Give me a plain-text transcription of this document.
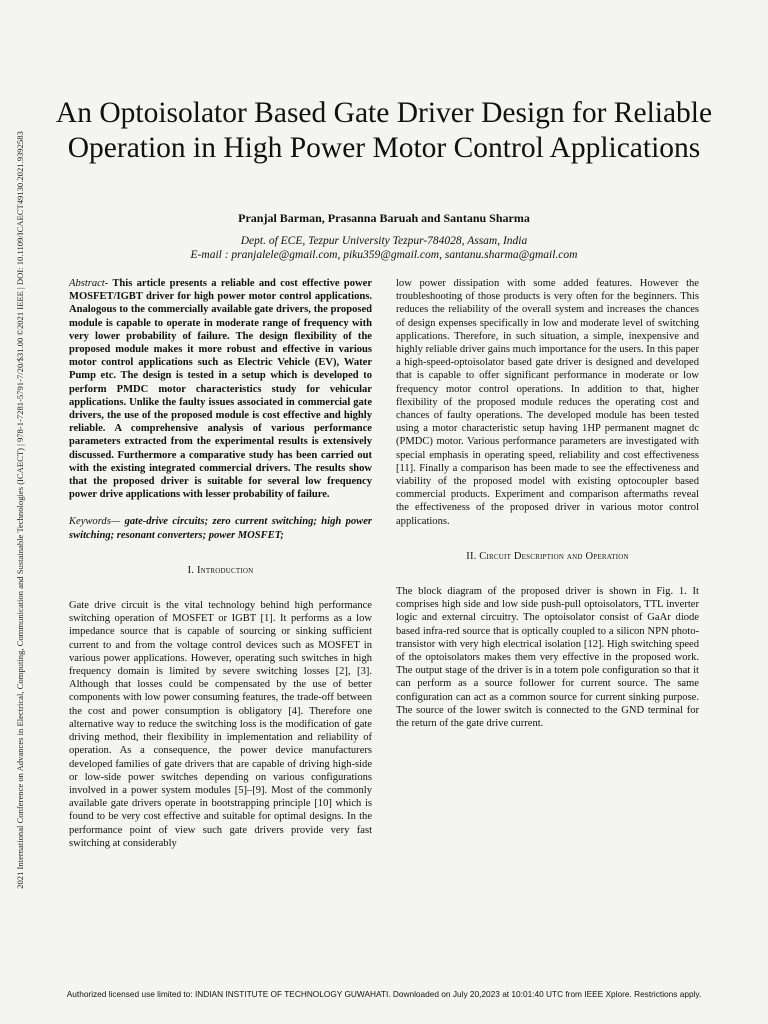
2021 International Conference on Advances in Electrical, Computing, Communication and Sustainable Technologies (ICAECT) | 978-1-7281-5791-7/20/$31.00 ©2021 IEEE | DOI: 10.1109/ICAECT49130.2021.9392583
An Optoisolator Based Gate Driver Design for Reliable Operation in High Power Motor Control Applications
Pranjal Barman, Prasanna Baruah and Santanu Sharma
Dept. of ECE, Tezpur University Tezpur-784028, Assam, India
E-mail : pranjalele@gmail.com, piku359@gmail.com, santanu.sharma@gmail.com

Abstract- This article presents a reliable and cost effective power MOSFET/IGBT driver for high power motor control applications. Analogous to the commercially available gate drivers, the proposed module is capable to operate in moderate range of frequency with very lower probability of failure. The design flexibility of the proposed module makes it more robust and effective in various motor control applications such as Electric Vehicle (EV), Water Pump etc. The design is tested in a setup which is developed to perform PMDC motor characteristics study for vehicular applications. Unlike the faulty issues associated in commercial gate drivers, the use of the proposed module is cost effective and highly reliable. A comprehensive analysis of various performance parameters extracted from the experimental results is extensively discussed. Furthermore a comparative study has been carried out with the existing integrated commercial drivers. The results show that the proposed driver is suitable for several low frequency power drive applications with lesser probability of failure.

Keywords— gate-drive circuits; zero current switching; high power switching; resonant converters; power MOSFET;

I. Introduction

Gate drive circuit is the vital technology behind high performance switching operation of MOSFET or IGBT [1]. It performs as a low impedance source that is capable of sourcing or sinking sufficient current to and from the voltage control devices such as MOSFET in various power applications. However, operating such switches in high frequency domain is limited by severe switching losses [2], [3]. Although that losses could be compensated by the use of better components with low power consuming features, the trade-off between the cost and power consumption is obligatory [4]. Therefore one alternative way to reduce the switching loss is the modification of gate driving method, their flexibility in implementation and reliability of operation. As a consequence, the power device manufacturers developed families of gate drivers that are capable of driving high-side or low-side power switches depending on various configurations involved in a power system modules [5]–[9]. Most of the commonly available gate drivers operate in bootstrapping principle [10] which is found to be very cost effective and suitable for optimal designs. In the performance point of view such gate drivers provide very fast switching at considerably

low power dissipation with some added features. However the troubleshooting of those products is very often for the beginners. This reduces the reliability of the overall system and increases the chances of design expenses specifically in low and moderate level of switching applications. Therefore, in such situation, a simple, inexpensive and highly reliable driver gains much importance for the users. In this paper a high-speed-optoisolator based gate driver is designed and developed that is capable to offer significant performance in moderate or low frequency motor control operations. In addition to that, higher flexibility of the proposed module reduces the operating cost and chances of faulty operations. The developed module has been tested using a motor characteristic setup having 1HP permanent magnet dc (PMDC) motor. Various performance parameters are investigated with special emphasis in operating speed, reliability and cost effectiveness [11]. Finally a comparison has been made to see the effectiveness and viability of the proposed model with existing optocoupler based commercial products. Experiment and comparison aftermaths reveal the effectiveness of the proposed driver in various motor control applications.

II. Circuit Description and Operation

The block diagram of the proposed driver is shown in Fig. 1. It comprises high side and low side push-pull optoisolators, TTL inverter logic and external circuitry. The optoisolator consist of GaAr diode based infra-red source that is optically coupled to a silicon NPN photo-transistor with very high electrical isolation [12]. High switching speed of the optoisolators makes them very effective in the proposed work. The output stage of the driver is in a totem pole configuration so that it can perform as a source follower for current source. The same configuration can act as a common source for current sinking purpose. The source of the lower switch is connected to the GND terminal for the return of the gate drive current.

Authorized licensed use limited to: INDIAN INSTITUTE OF TECHNOLOGY GUWAHATI. Downloaded on July 20,2023 at 10:01:40 UTC from IEEE Xplore. Restrictions apply.
